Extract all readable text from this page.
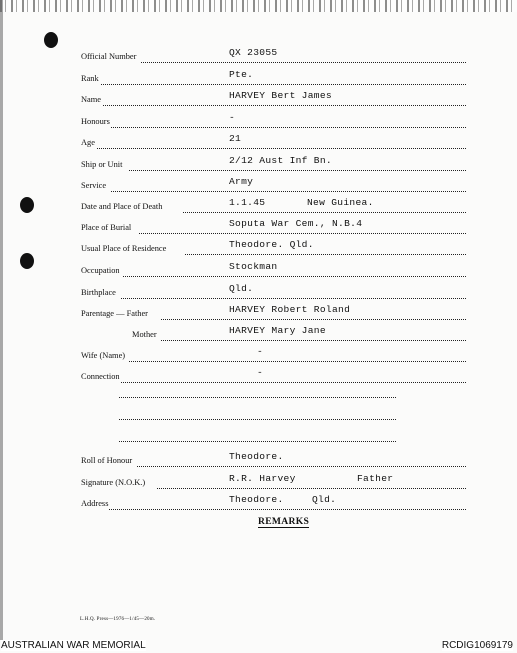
Official Number	QX 23055
Rank	Pte.
Name	HARVEY Bert James
Honours	-
Age	21
Ship or Unit	2/12 Aust Inf Bn.
Service	Army
Date and Place of Death	1.1.45	New Guinea.
Place of Burial	Soputa War Cem., N.B.4
Usual Place of Residence	Theodore. Qld.
Occupation	Stockman
Birthplace	Qld.
Parentage — Father	HARVEY Robert Roland
Mother	HARVEY Mary Jane
Wife (Name)	-
Connection	-
Roll of Honour	Theodore.
Signature (N.O.K.)	R.R. Harvey	Father
Address	Theodore.	Qld.
REMARKS
L.H.Q. Press—1976—1/45—20m.
AUSTRALIAN WAR MEMORIAL	RCDIG1069179
